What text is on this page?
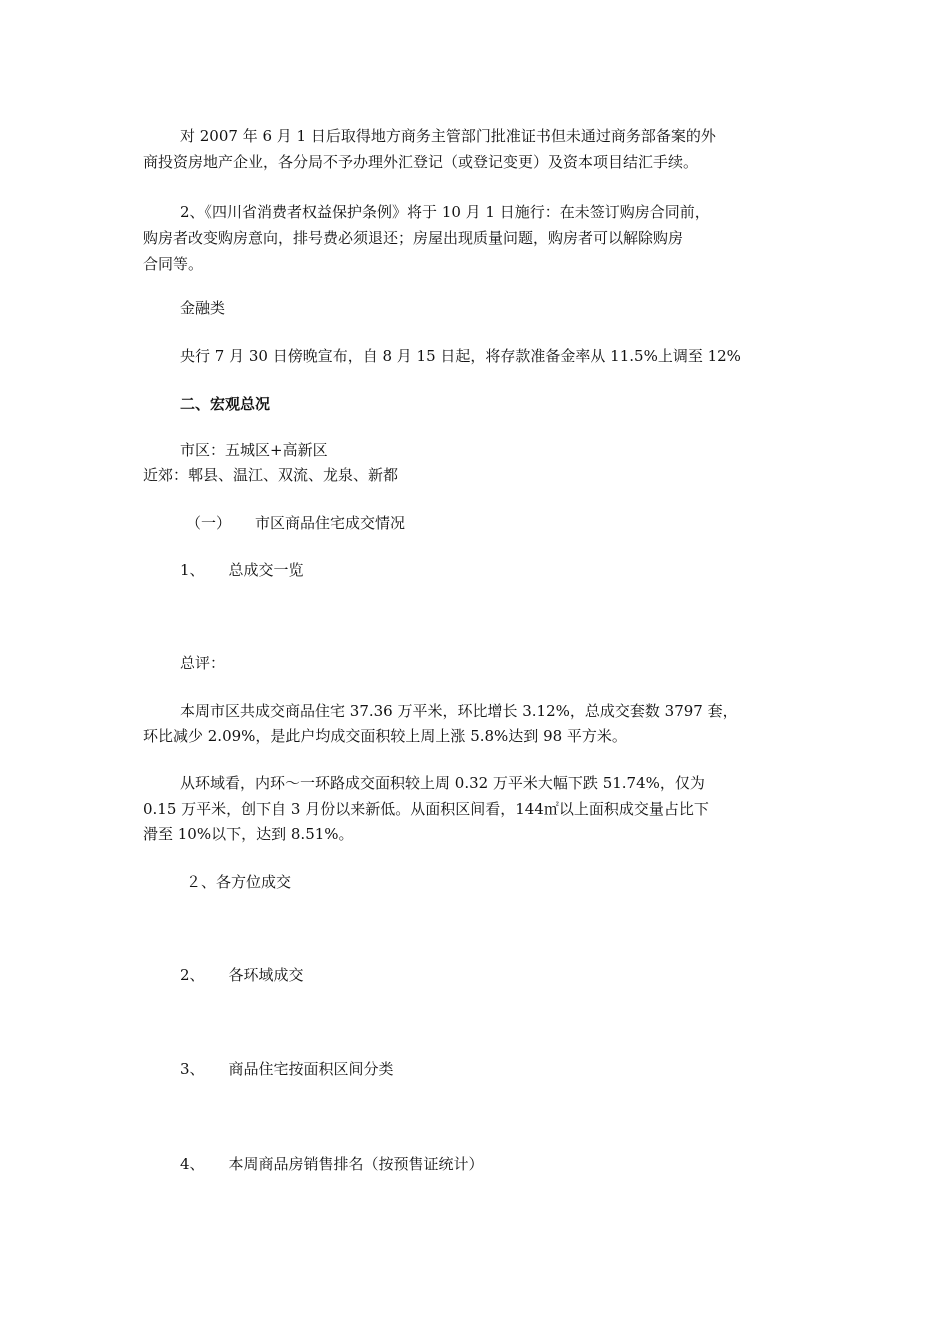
对 2007 年 6 月 1 日后取得地方商务主管部门批准证书但未通过商务部备案的外
商投资房地产企业，各分局不予办理外汇登记（或登记变更）及资本项目结汇手续。
2、《四川省消费者权益保护条例》将于 10 月 1 日施行：在未签订购房合同前，
购房者改变购房意向，排号费必须退还；房屋出现质量问题，购房者可以解除购房
合同等。
金融类
央行 7 月 30 日傍晚宣布，自 8 月 15 日起，将存款准备金率从 11.5%上调至 12%
二、宏观总况
市区：五城区+高新区
近郊：郫县、温江、双流、龙泉、新都
（一） 市区商品住宅成交情况
1、 总成交一览
总评：
本周市区共成交商品住宅 37.36 万平米，环比增长 3.12%，总成交套数 3797 套，
环比减少 2.09%，是此户均成交面积较上周上涨 5.8%达到 98 平方米。
从环域看，内环～一环路成交面积较上周 0.32 万平米大幅下跌 51.74%，仅为
0.15 万平米，创下自 3 月份以来新低。从面积区间看，144㎡以上面积成交量占比下
滑至 10%以下，达到 8.51%。
２、各方位成交
2、 各环域成交
3、 商品住宅按面积区间分类
4、 本周商品房销售排名（按预售证统计）
